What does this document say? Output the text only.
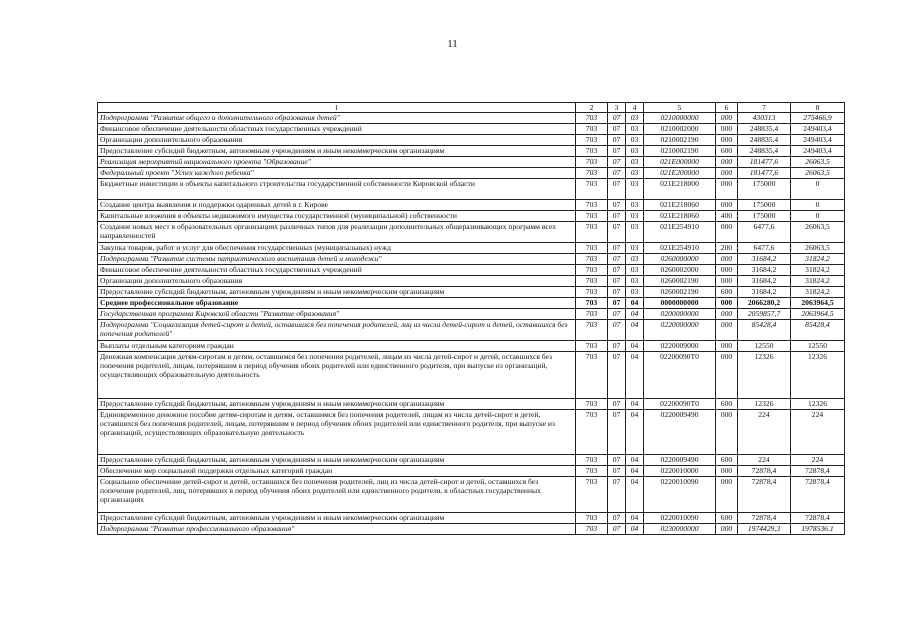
11
1	2	3	4	5	6	7	8
Подпрограмма "Развитие общего и дополнительного образования детей"	703	07	03	0210000000	000	430313	275466,9
Финансовое обеспечение деятельности областных государственных учреждений	703	07	03	0210002000	000	248835,4	249403,4
Организации дополнительного образования	703	07	03	0210002190	000	248835,4	249403,4
Предоставление субсидий бюджетным, автономным учреждениям и иным некоммерческим организациям	703	07	03	0210002190	600	248835,4	249403,4
Реализация мероприятий национального проекта "Образование"	703	07	03	021E000000	000	181477,6	26063,5
Федеральный проект "Успех каждого ребенка"	703	07	03	021E200000	000	181477,6	26063,5
Бюджетные инвестиции в объекты капитального строительства государственной собственности Кировской области	703	07	03	021E218000	000	175000	0
Создание центра выявления и поддержки одаренных детей в г. Кирове	703	07	03	021E218060	000	175000	0
Капитальные вложения в объекты недвижимого имущества государственной (муниципальной) собственности	703	07	03	021E218060	400	175000	0
Создание новых мест в образовательных организациях различных типов для реализации дополнительных общеразвивающих программ всех направленностей	703	07	03	021E254910	000	6477,6	26063,5
Закупка товаров, работ и услуг для обеспечения государственных (муниципальных) нужд	703	07	03	021E254910	200	6477,6	26063,5
Подпрограмма "Развитие системы патриотического воспитания детей и молодежи"	703	07	03	0260000000	000	31684,2	31824,2
Финансовое обеспечение деятельности областных государственных учреждений	703	07	03	0260002000	000	31684,2	31824,2
Организации дополнительного образования	703	07	03	0260002190	000	31684,2	31824,2
Предоставление субсидий бюджетным, автономным учреждениям и иным некоммерческим организациям	703	07	03	0260002190	600	31684,2	31824,2
Среднее профессиональное образование	703	07	04	0000000000	000	2066280,2	2063964,5
Государственная программа Кировской области "Развитие образования"	703	07	04	0200000000	000	2059857,7	2063964,5
Подпрограмма "Социализация детей-сирот и детей, оставшихся без попечения родителей, лиц из числа детей-сирот и детей, оставшихся без попечения родителей"	703	07	04	0220000000	000	85428,4	85428,4
Выплаты отдельным категориям граждан	703	07	04	0220009000	000	12550	12550
Денежная компенсация детям-сиротам и детям, оставшимся без попечения родителей, лицам из числа детей-сирот и детей, оставшихся без попечения родителей, лицам, потерявшим в период обучения обоих родителей или единственного родителя, при выпуске из организаций, осуществляющих образовательную деятельность	703	07	04	02200090Т0	000	12326	12326
Предоставление субсидий бюджетным, автономным учреждениям и иным некоммерческим организациям	703	07	04	02200090Т0	600	12326	12326
Единовременное денежное пособие детям-сиротам и детям, оставшимся без попечения родителей, лицам из числа детей-сирот и детей, оставшихся без попечения родителей, лицам, потерявшим в период обучения обоих родителей или единственного родителя, при выпуске из организаций, осуществляющих образовательную деятельность	703	07	04	0220009490	000	224	224
Предоставление субсидий бюджетным, автономным учреждениям и иным некоммерческим организациям	703	07	04	0220009490	600	224	224
Обеспечение мер социальной поддержки отдельных категорий граждан	703	07	04	0220010000	000	72878,4	72878,4
Социальное обеспечение детей-сирот и детей, оставшихся без попечения родителей, лиц из числа детей-сирот и детей, оставшихся без попечения родителей, лиц, потерявших в период обучения обоих родителей или единственного родителя, в областных государственных организациях	703	07	04	0220010090	000	72878,4	72878,4
Предоставление субсидий бюджетным, автономным учреждениям и иным некоммерческим организациям	703	07	04	0220010090	600	72878,4	72878,4
Подпрограмма "Развитие профессионального образования"	703	07	04	0230000000	000	1974429,3	1978536,1
